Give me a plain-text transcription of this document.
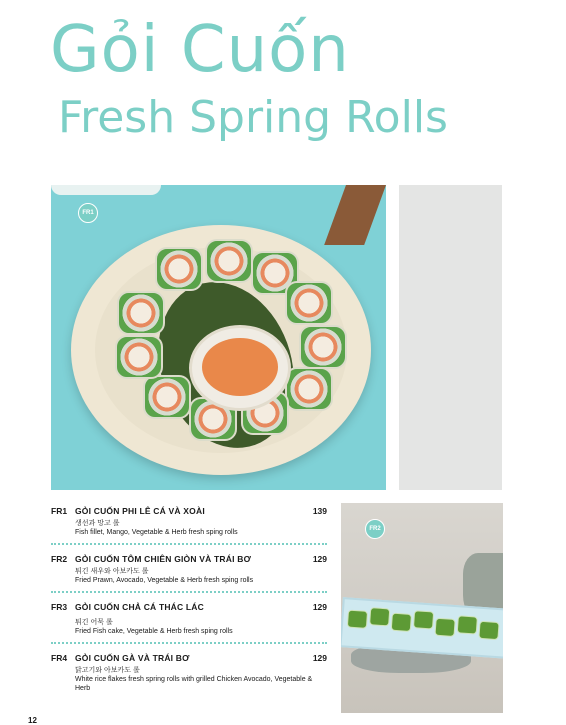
Gỏi Cuốn
Fresh Spring Rolls
FR1
FR1 GỎI CUỐN PHI LÊ CÁ VÀ XOÀI	139
생선과 망고 롤
Fish fillet, Mango, Vegetable & Herb fresh sping rolls
FR2 GỎI CUỐN TÔM CHIÊN GIÒN VÀ TRÁI BƠ	129
튀긴 새우와 아보카도 롤
Fried Prawn, Avocado, Vegetable & Herb fresh sping rolls
FR3 GỎI CUỐN CHẢ CÁ THÁC LÁC	129
튀긴 어묵 롤
Fried Fish cake, Vegetable & Herb fresh sping rolls
FR4 GỎI CUỐN GÀ VÀ TRÁI BƠ	129
닭고기와 아보카도 롤
White rice flakes fresh spring rolls with grilled Chicken Avocado, Vegetable & Herb
FR2
12
